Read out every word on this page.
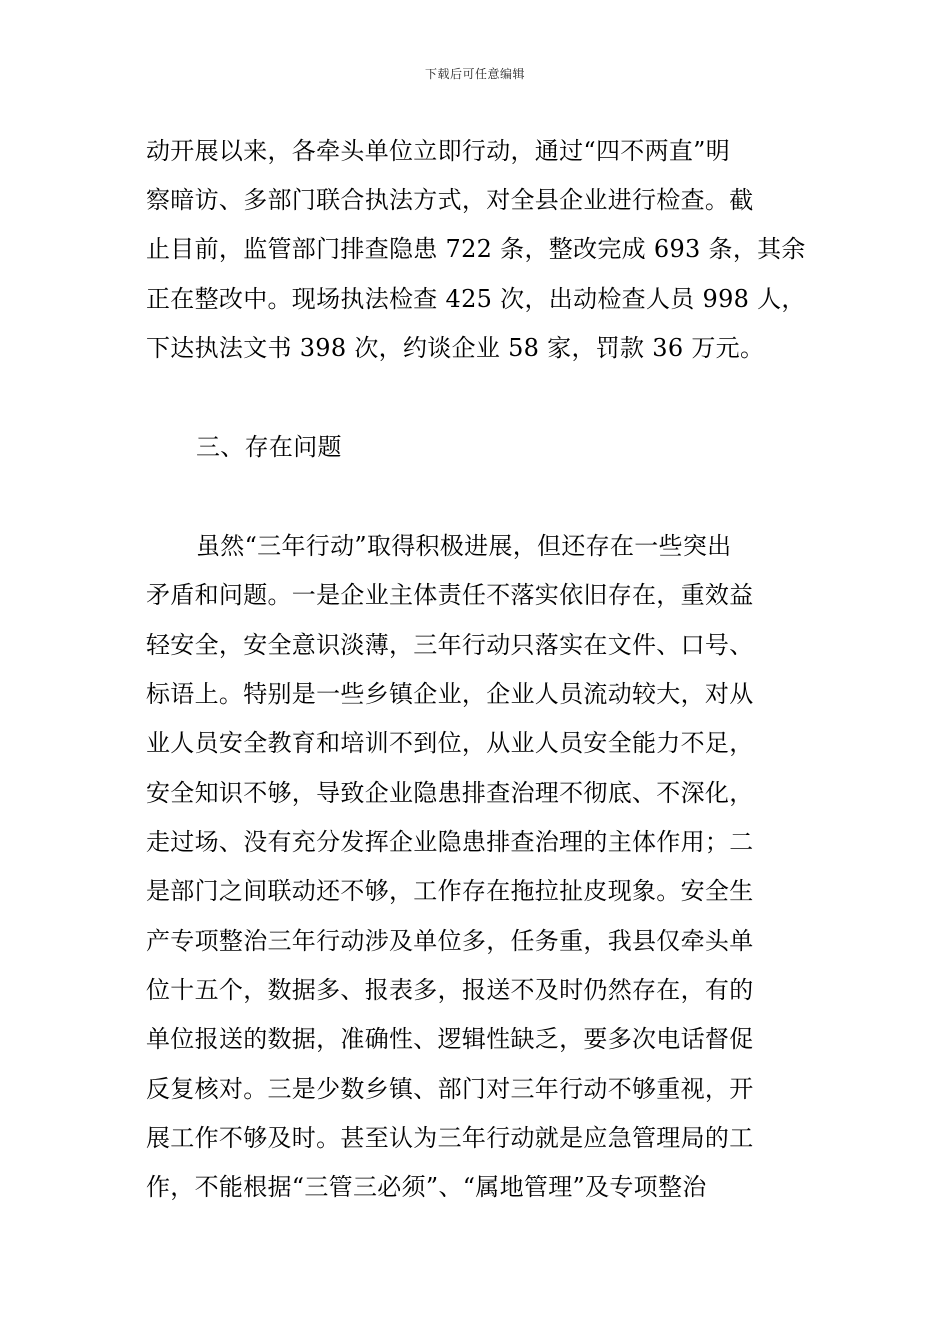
下载后可任意编辑
动开展以来，各牵头单位立即行动，通过“四不两直”明
察暗访、多部门联合执法方式，对全县企业进行检查。截
止目前，监管部门排查隐患 722 条，整改完成 693 条，其余
正在整改中。现场执法检查 425 次，出动检查人员 998 人，
下达执法文书 398 次，约谈企业 58 家，罚款 36 万元。
三、存在问题
虽然“三年行动”取得积极进展，但还存在一些突出
矛盾和问题。一是企业主体责任不落实依旧存在，重效益
轻安全，安全意识淡薄，三年行动只落实在文件、口号、
标语上。特别是一些乡镇企业，企业人员流动较大，对从
业人员安全教育和培训不到位，从业人员安全能力不足，
安全知识不够，导致企业隐患排查治理不彻底、不深化，
走过场、没有充分发挥企业隐患排查治理的主体作用；二
是部门之间联动还不够，工作存在拖拉扯皮现象。安全生
产专项整治三年行动涉及单位多，任务重，我县仅牵头单
位十五个，数据多、报表多，报送不及时仍然存在，有的
单位报送的数据，准确性、逻辑性缺乏，要多次电话督促
反复核对。三是少数乡镇、部门对三年行动不够重视，开
展工作不够及时。甚至认为三年行动就是应急管理局的工
作，不能根据“三管三必须”、“属地管理”及专项整治
